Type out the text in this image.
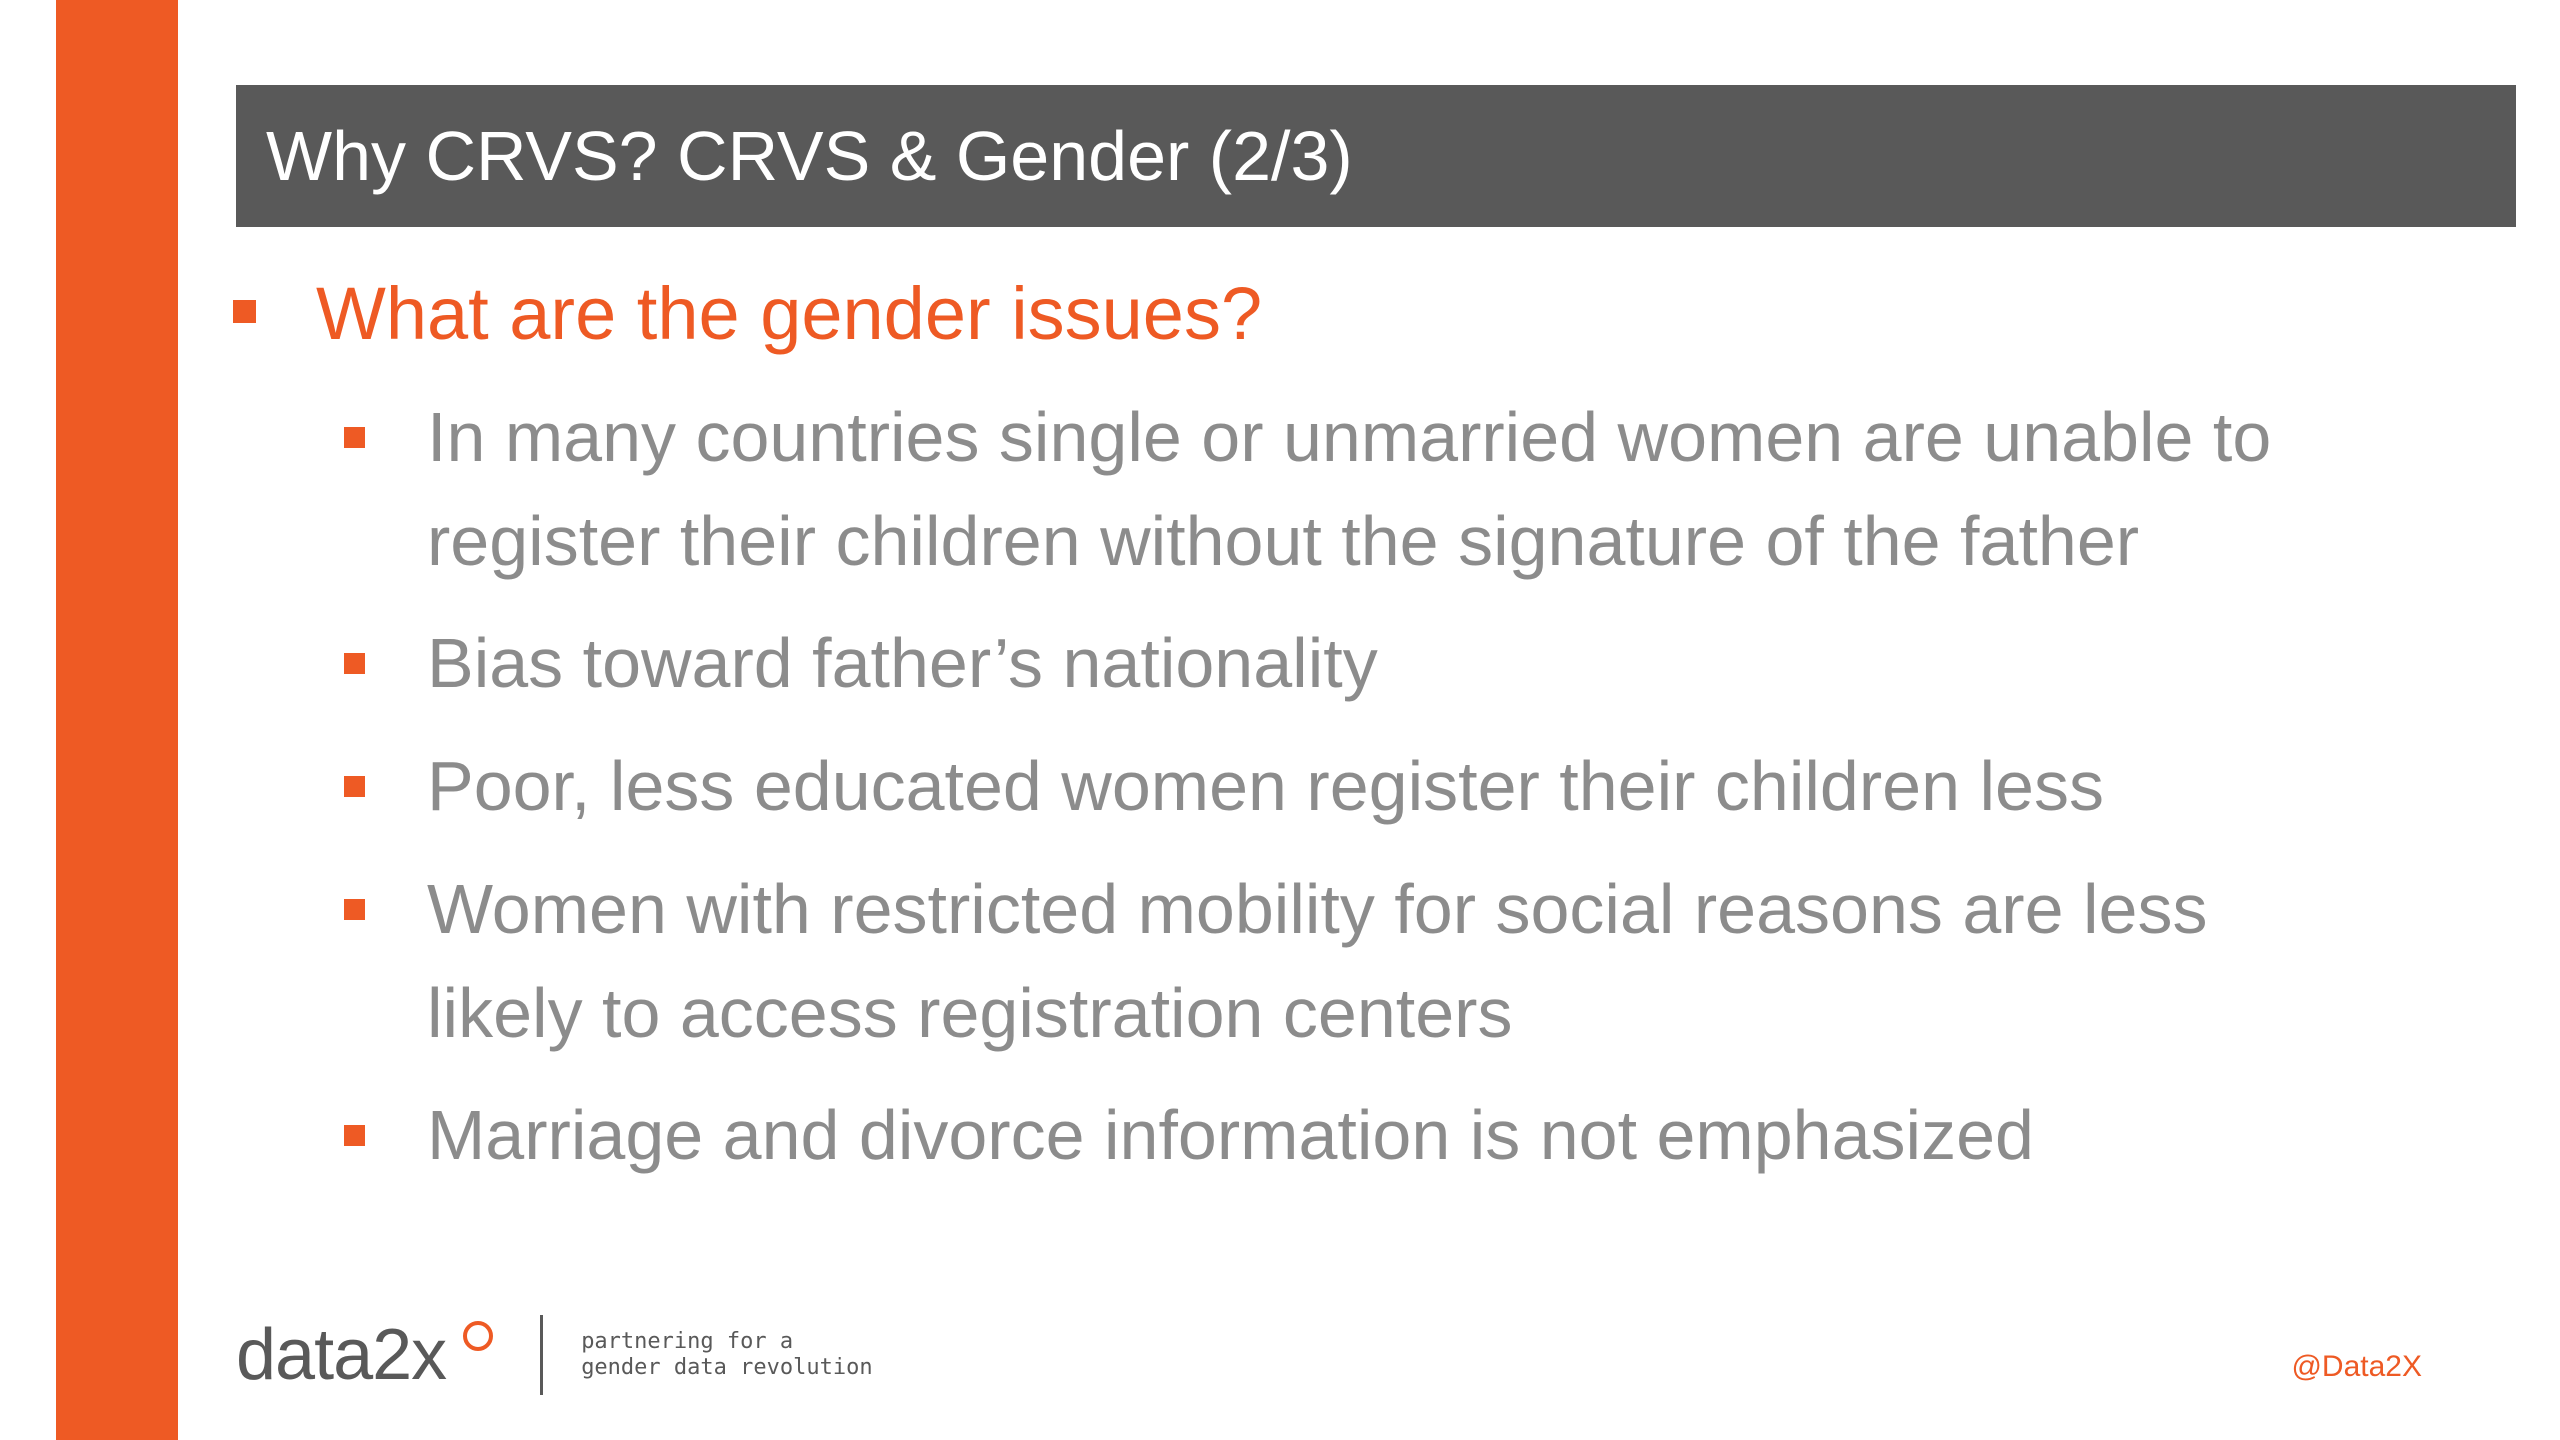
Why CRVS? CRVS & Gender (2/3)

What are the gender issues?

In many countries single or unmarried women are unable to

register their children without the signature of the father

Bias toward father’s nationality

Poor, less educated women register their children less

Women with restricted mobility for social reasons are less

likely to access registration centers

Marriage and divorce information is not emphasized

data2x	partnering for a
gender data revolution	@Data2X
